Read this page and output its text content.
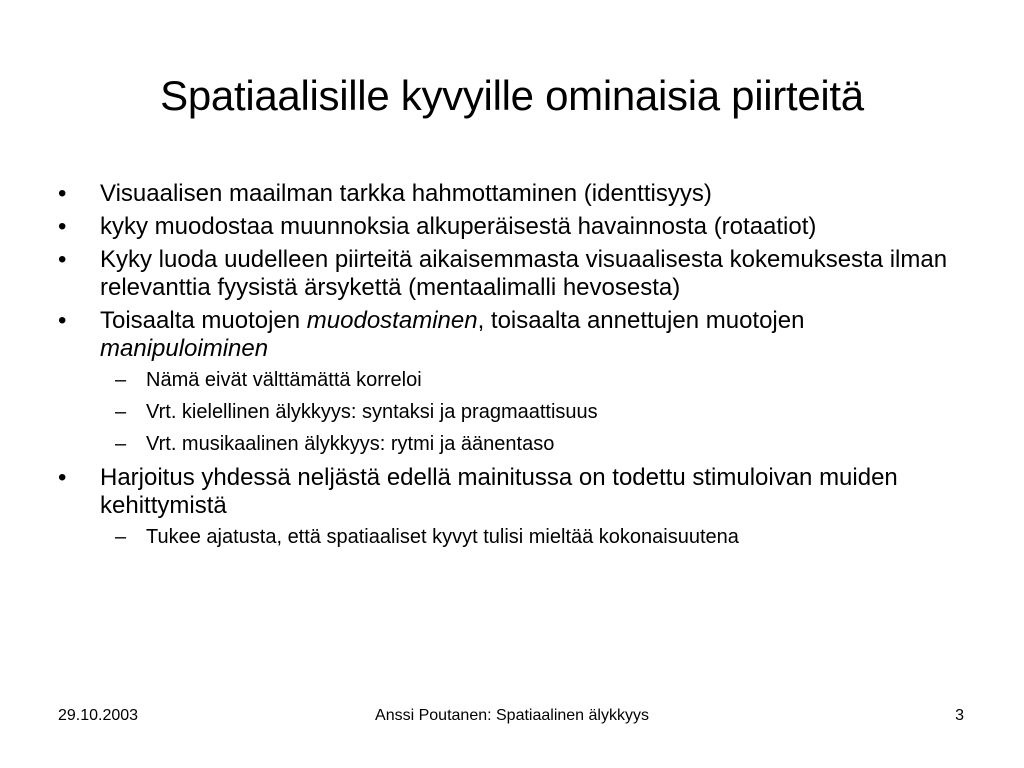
Spatiaalisille kyvyille ominaisia piirteitä
•	Visuaalisen maailman tarkka hahmottaminen (identtisyys)
•	kyky muodostaa muunnoksia alkuperäisestä havainnosta (rotaatiot)
•	Kyky luoda uudelleen piirteitä aikaisemmasta visuaalisesta kokemuksesta ilman relevanttia fyysistä ärsykettä (mentaalimalli hevosesta)
•	Toisaalta muotojen muodostaminen, toisaalta annettujen muotojen manipuloiminen
– Nämä eivät välttämättä korreloi
– Vrt. kielellinen älykkyys: syntaksi ja pragmaattisuus
– Vrt. musikaalinen älykkyys: rytmi ja äänentaso
•	Harjoitus yhdessä neljästä edellä mainitussa on todettu stimuloivan muiden kehittymistä
– Tukee ajatusta, että spatiaaliset kyvyt tulisi mieltää kokonaisuutena
29.10.2003	Anssi Poutanen: Spatiaalinen älykkyys	3
